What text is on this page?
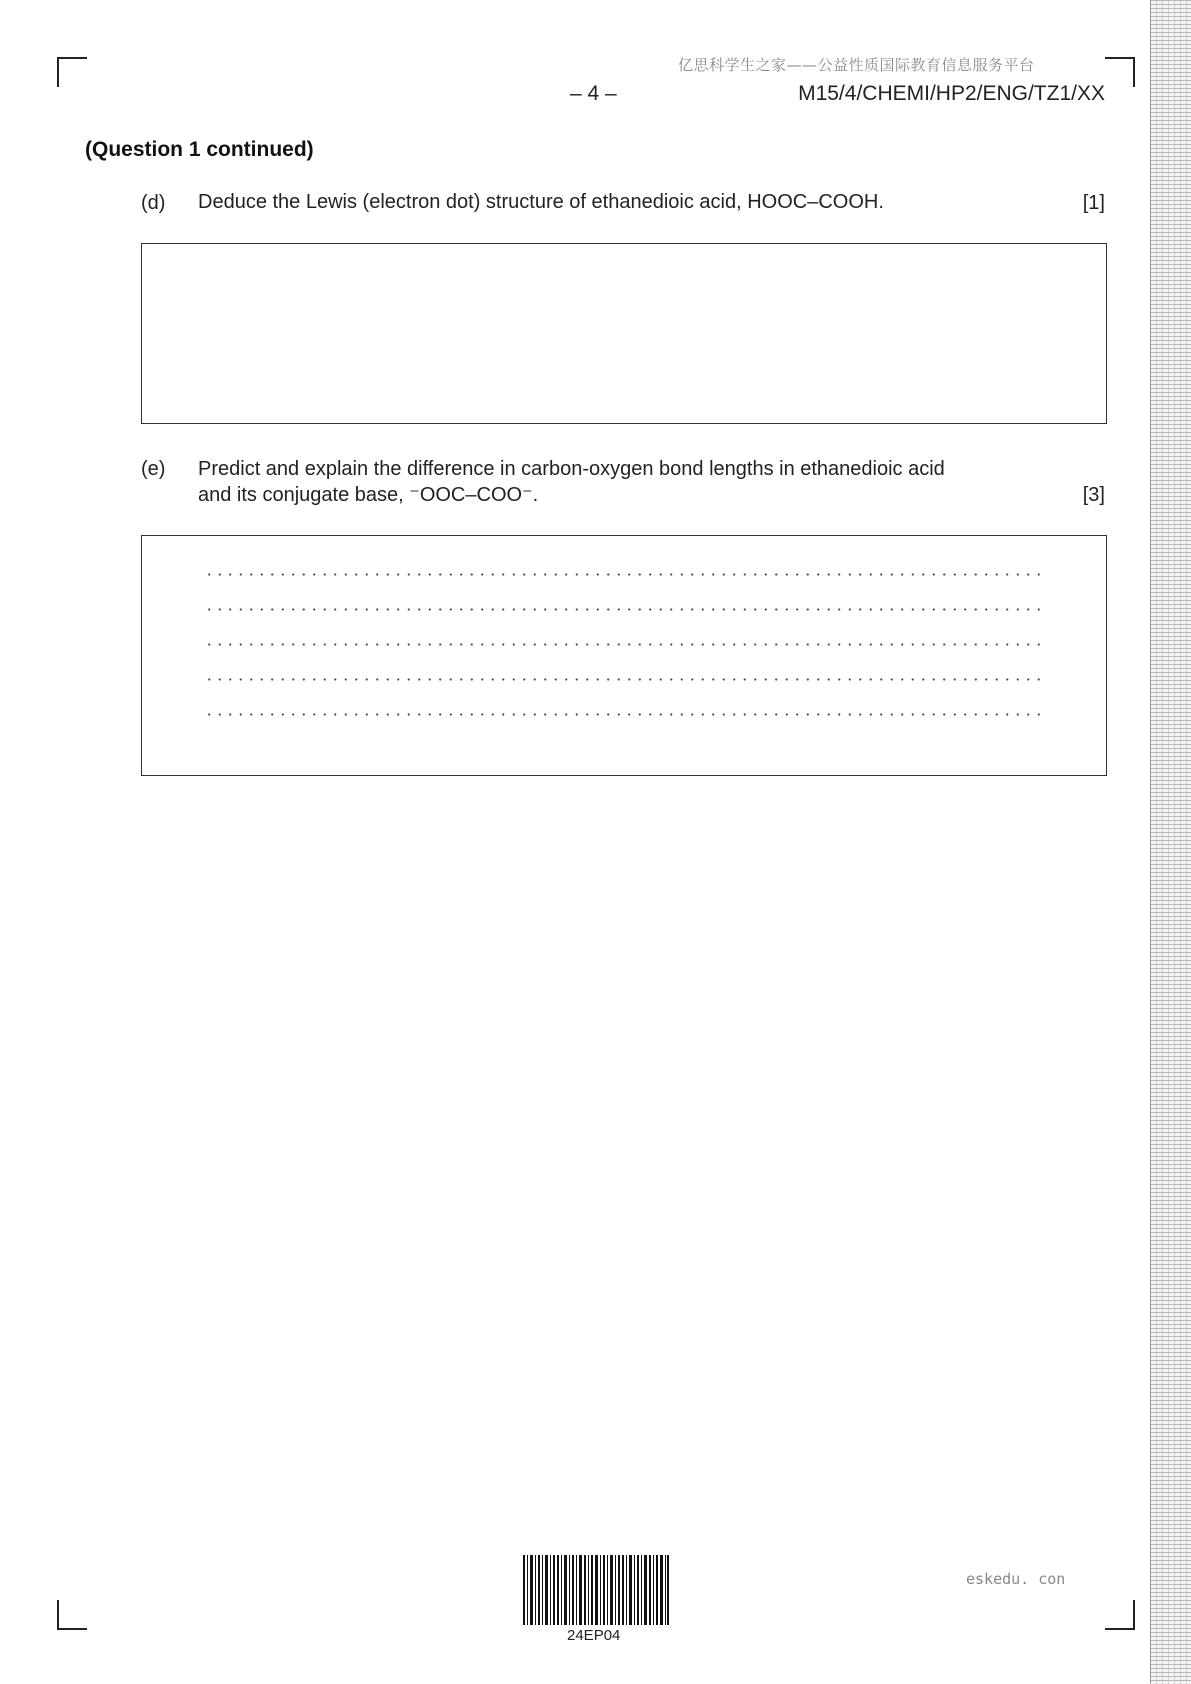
亿思科学生之家——公益性质国际教育信息服务平台
– 4 –	M15/4/CHEMI/HP2/ENG/TZ1/XX
(Question 1 continued)
(d) Deduce the Lewis (electron dot) structure of ethanedioic acid, HOOC–COOH.	[1]
(e) Predict and explain the difference in carbon-oxygen bond lengths in ethanedioic acid
and its conjugate base, ⁻OOC–COO⁻.	[3]
24EP04
eskedu. con
